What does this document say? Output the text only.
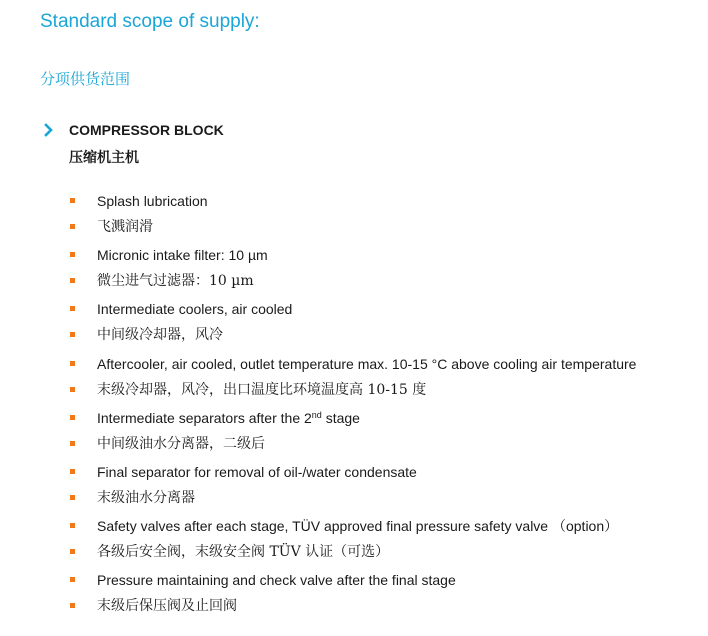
Standard scope of supply:
分项供货范围
COMPRESSOR BLOCK
压缩机主机
Splash lubrication
飞溅润滑
Micronic intake filter: 10 µm
微尘进气过滤器：10 µm
Intermediate coolers, air cooled
中间级冷却器，风冷
Aftercooler, air cooled, outlet temperature max. 10-15 °C above cooling air temperature
末级冷却器，风冷，出口温度比环境温度高 10-15 度
Intermediate separators after the 2nd stage
中间级油水分离器，二级后
Final separator for removal of oil-/water condensate
末级油水分离器
Safety valves after each stage, TÜV approved final pressure safety valve （option）
各级后安全阀，末级安全阀 TÜV 认证（可选）
Pressure maintaining and check valve after the final stage
末级后保压阀及止回阀
